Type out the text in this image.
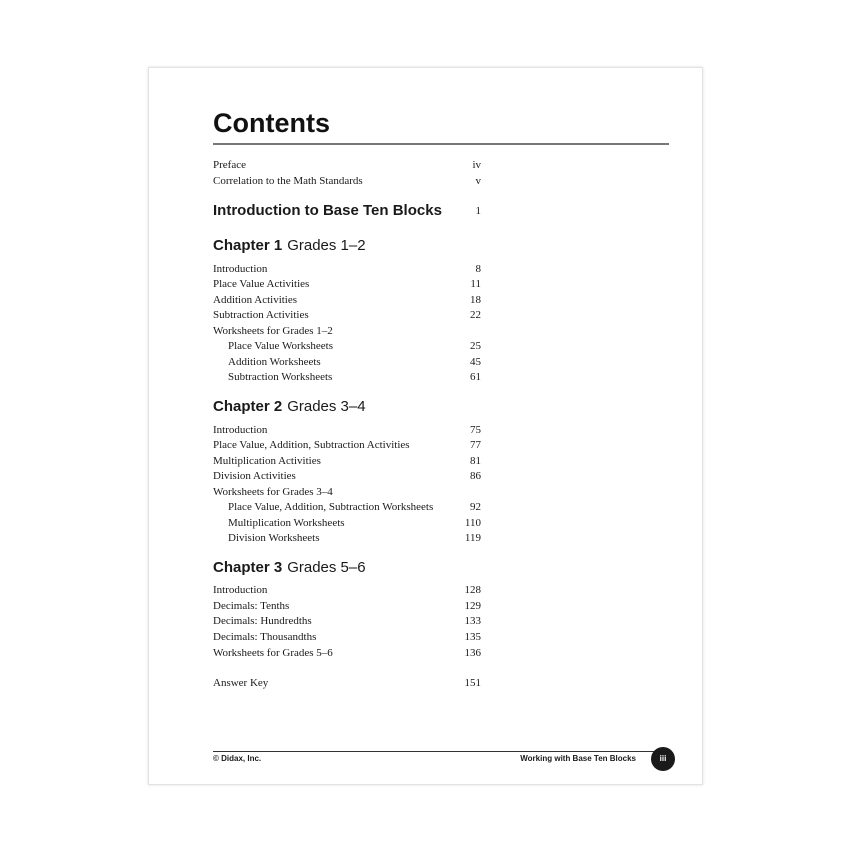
Contents
Preface	iv
Correlation to the Math Standards	v
Introduction to Base Ten Blocks	1
Chapter 1 Grades 1–2
Introduction	8
Place Value Activities	11
Addition Activities	18
Subtraction Activities	22
Worksheets for Grades 1–2
Place Value Worksheets	25
Addition Worksheets	45
Subtraction Worksheets	61
Chapter 2 Grades 3–4
Introduction	75
Place Value, Addition, Subtraction Activities	77
Multiplication Activities	81
Division Activities	86
Worksheets for Grades 3–4
Place Value, Addition, Subtraction Worksheets	92
Multiplication Worksheets	110
Division Worksheets	119
Chapter 3 Grades 5–6
Introduction	128
Decimals: Tenths	129
Decimals: Hundredths	133
Decimals: Thousandths	135
Worksheets for Grades 5–6	136
Answer Key	151
© Didax, Inc.	Working with Base Ten Blocks	iii
